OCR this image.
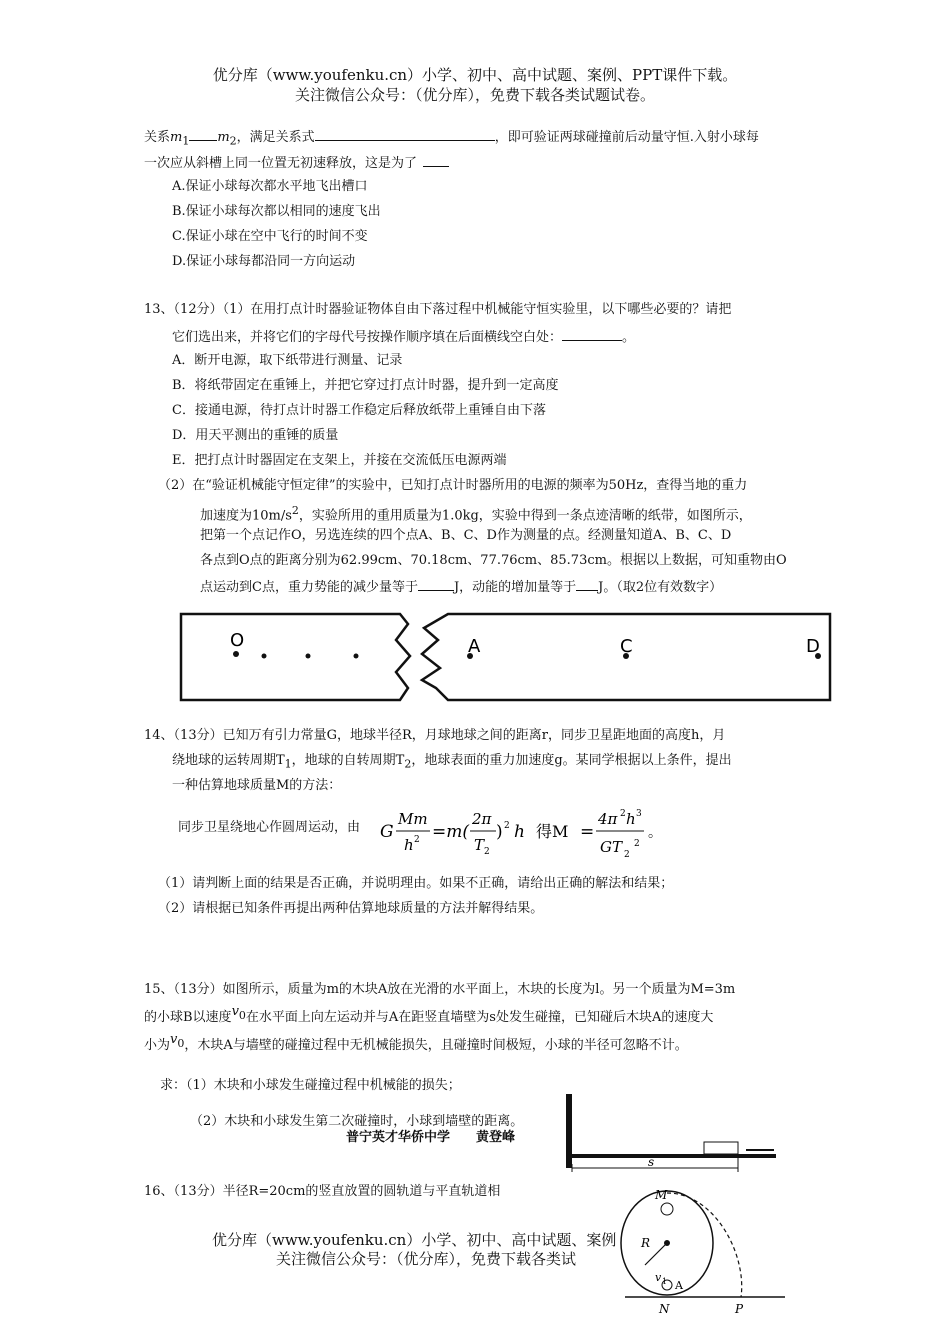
优分库（www.youfenku.cn）小学、初中、高中试题、案例、PPT课件下载。
关注微信公众号：（优分库），免费下载各类试题试卷。
关系$m_1$ $m_2$，满足关系式	，即可验证两球碰撞前后动量守恒.入射小球每
一次应从斜槽上同一位置无初速释放，这是为了
A.保证小球每次都水平地飞出槽口
B.保证小球每次都以相同的速度飞出
C.保证小球在空中飞行的时间不变
D.保证小球每都沿同一方向运动
13、（12分）（1）在用打点计时器验证物体自由下落过程中机械能守恒实验里，以下哪些必要的？请把
它们选出来，并将它们的字母代号按操作顺序填在后面横线空白处：	。
A．断开电源，取下纸带进行测量、记录
B．将纸带固定在重锤上，并把它穿过打点计时器，提升到一定高度
C．接通电源，待打点计时器工作稳定后释放纸带上重锤自由下落
D．用天平测出的重锤的质量
E．把打点计时器固定在支架上，并接在交流低压电源两端
（2）在“验证机械能守恒定律”的实验中，已知打点计时器所用的电源的频率为50Hz，查得当地的重力
加速度为$10m/s^2$，实验所用的重用质量为1.0kg，实验中得到一条点迹清晰的纸带，如图所示，
把第一个点记作O，另选连续的四个点A、B、C、D作为测量的点。经测量知道A、B、C、D
各点到O点的距离分别为62.99cm、70.18cm、77.76cm、85.73cm。根据以上数据，可知重物由O
点运动到C点，重力势能的减少量等于	J，动能的增加量等于 J。（取2位有效数字）
O	A	C	D
14、（13分）已知万有引力常量G，地球半径R，月球地球之间的距离r，同步卫星距地面的高度h，月
绕地球的运转周期$T_1$，地球的自转周期$T_2$，地球表面的重力加速度g。某同学根据以上条件，提出
一种估算地球质量M的方法：
同步卫星绕地心作圆周运动，由 G
Mm
h 2 =m(
2π
T 2
) 2 h 得M =
4π 2 h 3
GT 2
2
。
（1）请判断上面的结果是否正确，并说明理由。如果不正确，请给出正确的解法和结果；
（2）请根据已知条件再提出两种估算地球质量的方法并解得结果。
15、（13分）如图所示，质量为m的木块A放在光滑的水平面上，木块的长度为l。另一个质量为M=3m
的小球B以速度$v_0$在水平面上向左运动并与A在距竖直墙壁为s处发生碰撞，已知碰后木块A的速度大
小为$v_0$，木块A与墙壁的碰撞过程中无机械能损失，且碰撞时间极短，小球的半径可忽略不计。
求：（1）木块和小球发生碰撞过程中机械能的损失；
（2）木块和小球发生第二次碰撞时，小球到墙壁的距离。
普宁英才华侨中学　　黄登峰
s
16、（13分）半径R=20cm的竖直放置的圆轨道与平直轨道相	M
R
v 1 A
N	P
优分库（www.youfenku.cn）小学、初中、高中试题、案例
关注微信公众号：（优分库），免费下载各类试
